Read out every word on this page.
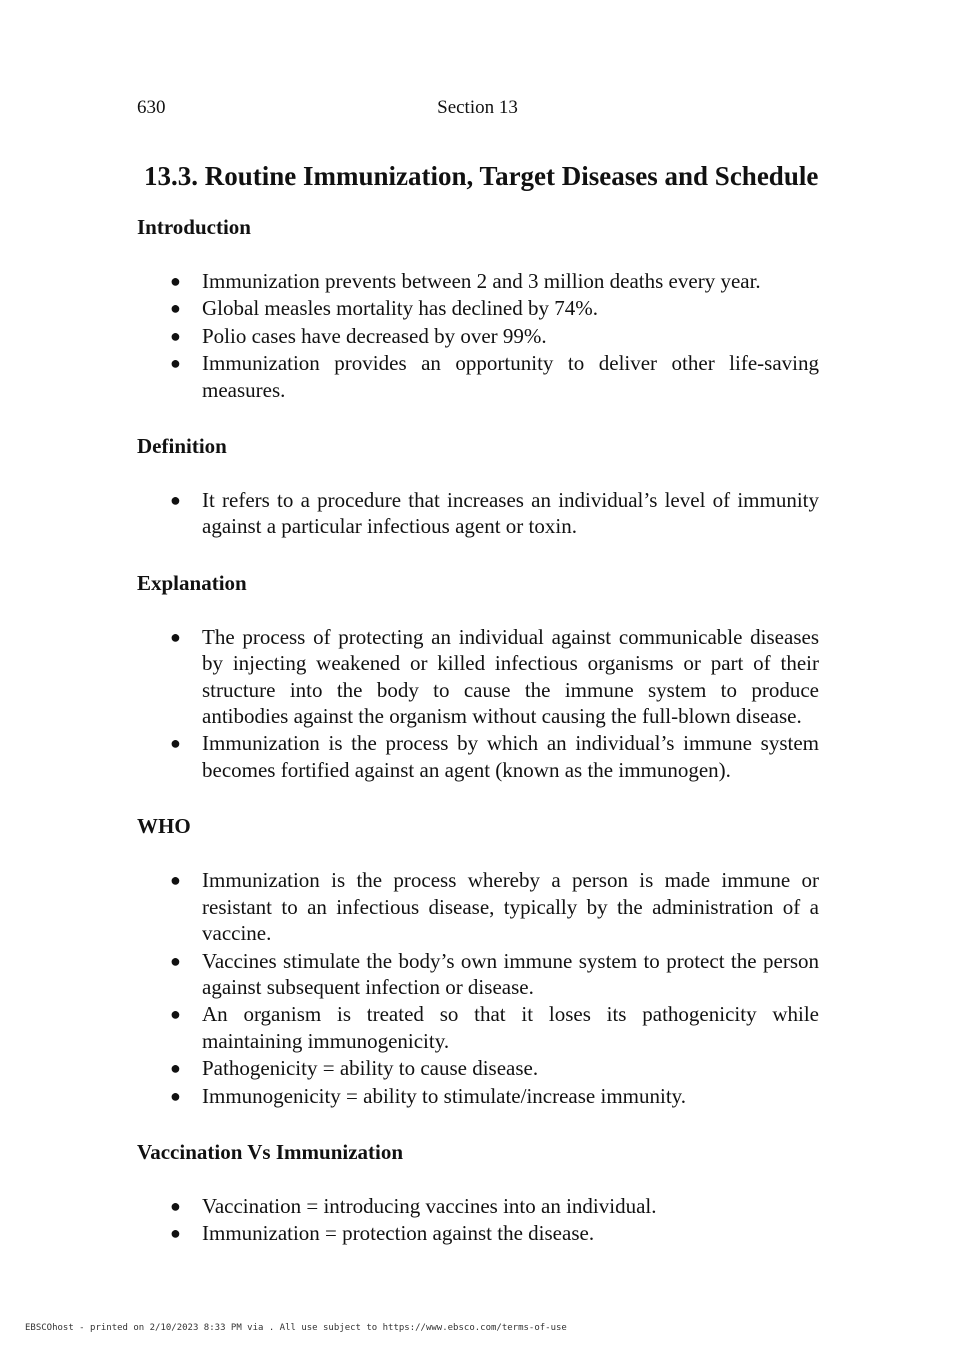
630	Section 13
13.3. Routine Immunization, Target Diseases and Schedule
Introduction
● Immunization prevents between 2 and 3 million deaths every year.
● Global measles mortality has declined by 74%.
● Polio cases have decreased by over 99%.
● Immunization provides an opportunity to deliver other life-saving measures.
Definition
● It refers to a procedure that increases an individual’s level of immunity against a particular infectious agent or toxin.
Explanation
● The process of protecting an individual against communicable diseases by injecting weakened or killed infectious organisms or part of their structure into the body to cause the immune system to produce antibodies against the organism without causing the full-blown disease.
● Immunization is the process by which an individual’s immune system becomes fortified against an agent (known as the immunogen).
WHO
● Immunization is the process whereby a person is made immune or resistant to an infectious disease, typically by the administration of a vaccine.
● Vaccines stimulate the body’s own immune system to protect the person against subsequent infection or disease.
● An organism is treated so that it loses its pathogenicity while maintaining immunogenicity.
● Pathogenicity = ability to cause disease.
● Immunogenicity = ability to stimulate/increase immunity.
Vaccination Vs Immunization
● Vaccination = introducing vaccines into an individual.
● Immunization = protection against the disease.
EBSCOhost - printed on 2/10/2023 8:33 PM via . All use subject to https://www.ebsco.com/terms-of-use
